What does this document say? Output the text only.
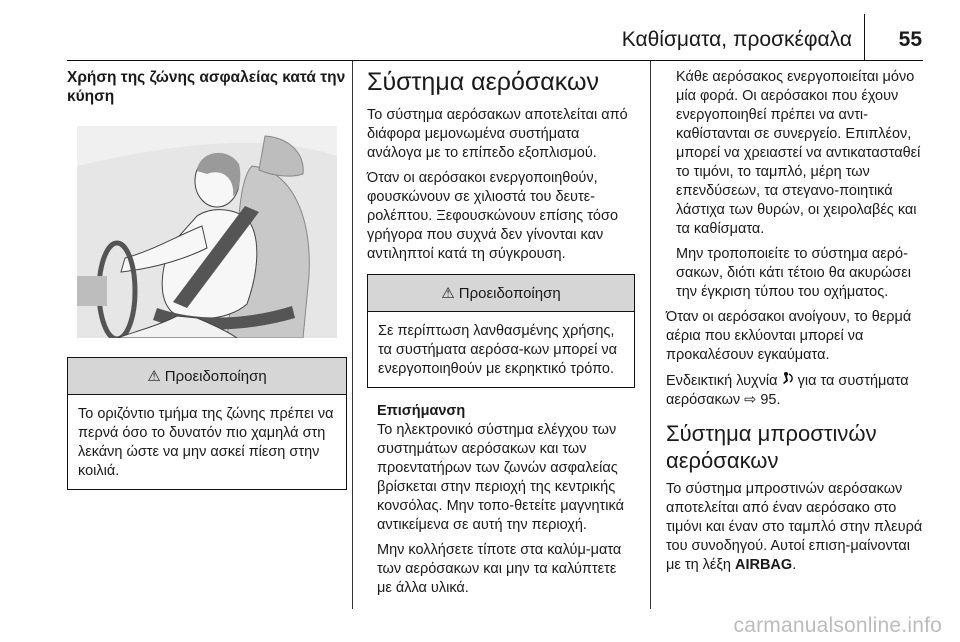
Καθίσματα, προσκέφαλα 55
Χρήση της ζώνης ασφαλείας κατά την κύηση
⚠ Προειδοποίηση
Το οριζόντιο τμήμα της ζώνης πρέπει να περνά όσο το δυνατόν πιο χαμηλά στη λεκάνη ώστε να μην ασκεί πίεση στην κοιλιά.
Σύστημα αερόσακων

Το σύστημα αερόσακων αποτελείται από διάφορα μεμονωμένα συστήματα ανάλογα με το επίπεδο εξοπλισμού.

Όταν οι αερόσακοι ενεργοποιηθούν, φουσκώνουν σε χιλιοστά του δευτε-ρολέπτου. Ξεφουσκώνουν επίσης τόσο γρήγορα που συχνά δεν γίνονται καν αντιληπτοί κατά τη σύγκρουση.

⚠ Προειδοποίηση
Σε περίπτωση λανθασμένης χρήσης, τα συστήματα αερόσα-κων μπορεί να ενεργοποιηθούν με εκρηκτικό τρόπο.
Επισήμανση

Το ηλεκτρονικό σύστημα ελέγχου των συστημάτων αερόσακων και των προεντατήρων των ζωνών ασφαλείας βρίσκεται στην περιοχή της κεντρικής κονσόλας. Μην τοπο-θετείτε μαγνητικά αντικείμενα σε αυτή την περιοχή.

Μην κολλήσετε τίποτε στα καλύμ-ματα των αερόσακων και μην τα καλύπτετε με άλλα υλικά.

Κάθε αερόσακος ενεργοποιείται μόνο μία φορά. Οι αερόσακοι που έχουν ενεργοποιηθεί πρέπει να αντι-καθίστανται σε συνεργείο. Επιπλέον, μπορεί να χρειαστεί να αντικατασταθεί το τιμόνι, το ταμπλό, μέρη των επενδύσεων, τα στεγανο-ποιητικά λάστιχα των θυρών, οι χειρολαβές και τα καθίσματα.

Μην τροποποιείτε το σύστημα αερό-σακων, διότι κάτι τέτοιο θα ακυρώσει την έγκριση τύπου του οχήματος.

Όταν οι αερόσακοι ανοίγουν, το θερμά αέρια που εκλύονται μπορεί να προκαλέσουν εγκαύματα.

Ενδεικτική λυχνία για τα συστήματα αερόσακων ⇨ 95.

Σύστημα μπροστινών αερόσακων

Το σύστημα μπροστινών αερόσακων αποτελείται από έναν αερόσακο στο τιμόνι και έναν στο ταμπλό στην πλευρά του συνοδηγού. Αυτοί επιση-μαίνονται με τη λέξη AIRBAG.

carmanualsonline.info
